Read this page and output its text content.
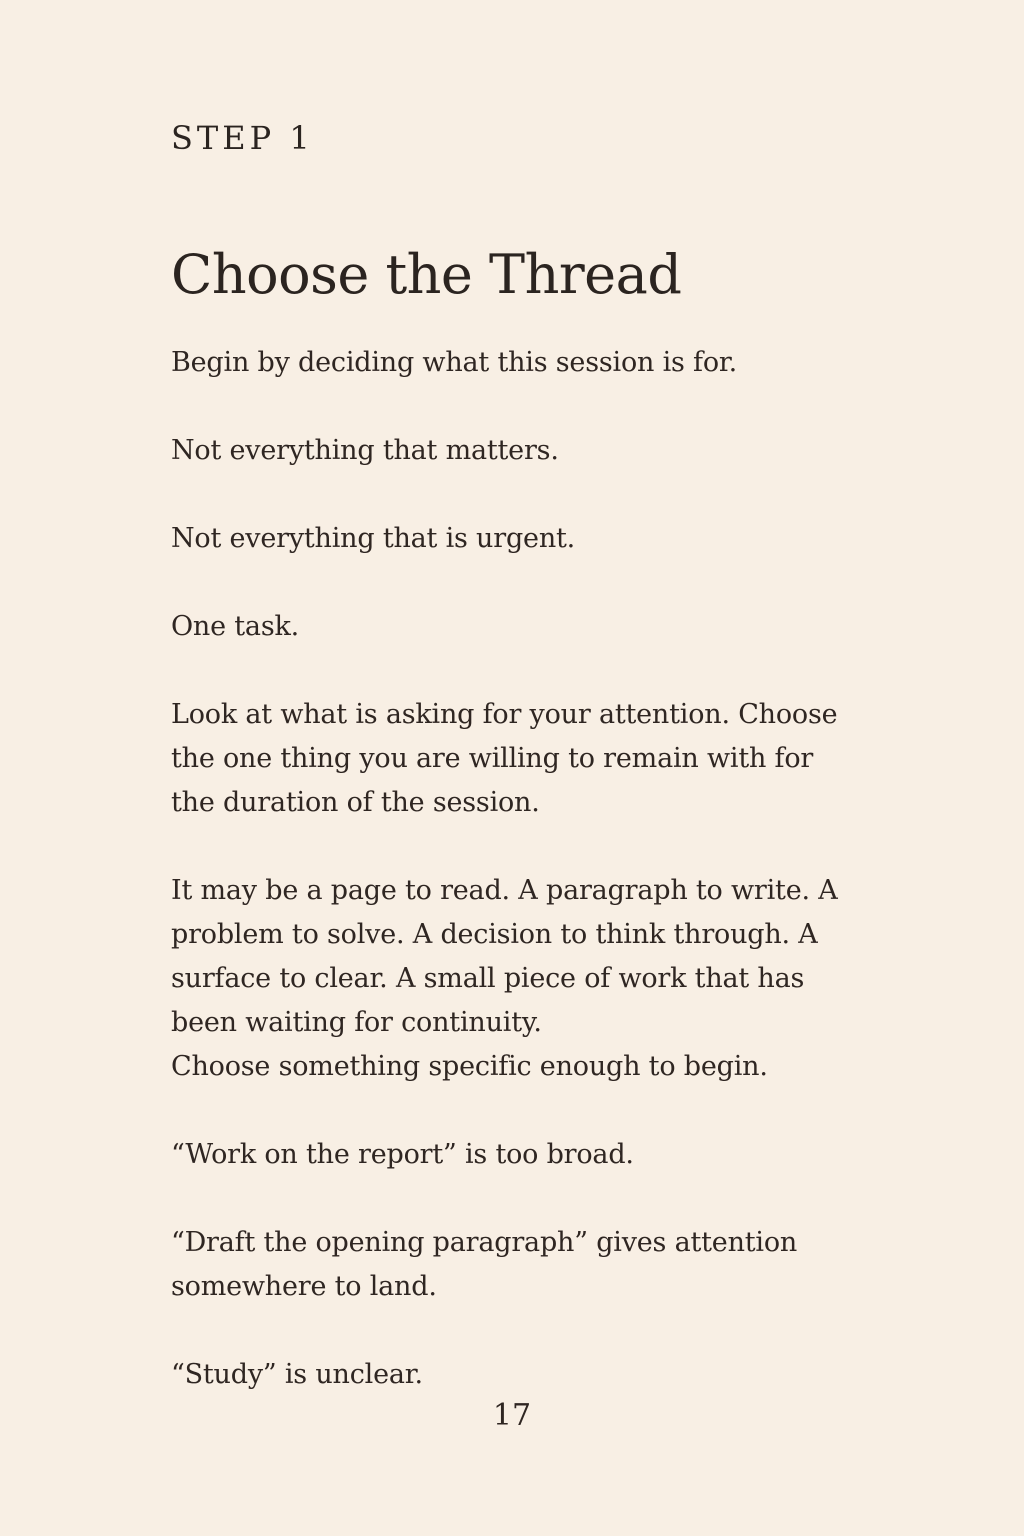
STEP 1
Choose the Thread

Begin by deciding what this session is for.

Not everything that matters.

Not everything that is urgent.

One task.

Look at what is asking for your attention. Choose the one thing you are willing to remain with for the duration of the session.

It may be a page to read. A paragraph to write. A problem to solve. A decision to think through. A surface to clear. A small piece of work that has been waiting for continuity.

Choose something specific enough to begin.

“Work on the report” is too broad.

“Draft the opening paragraph” gives attention somewhere to land.

“Study” is unclear.

17
